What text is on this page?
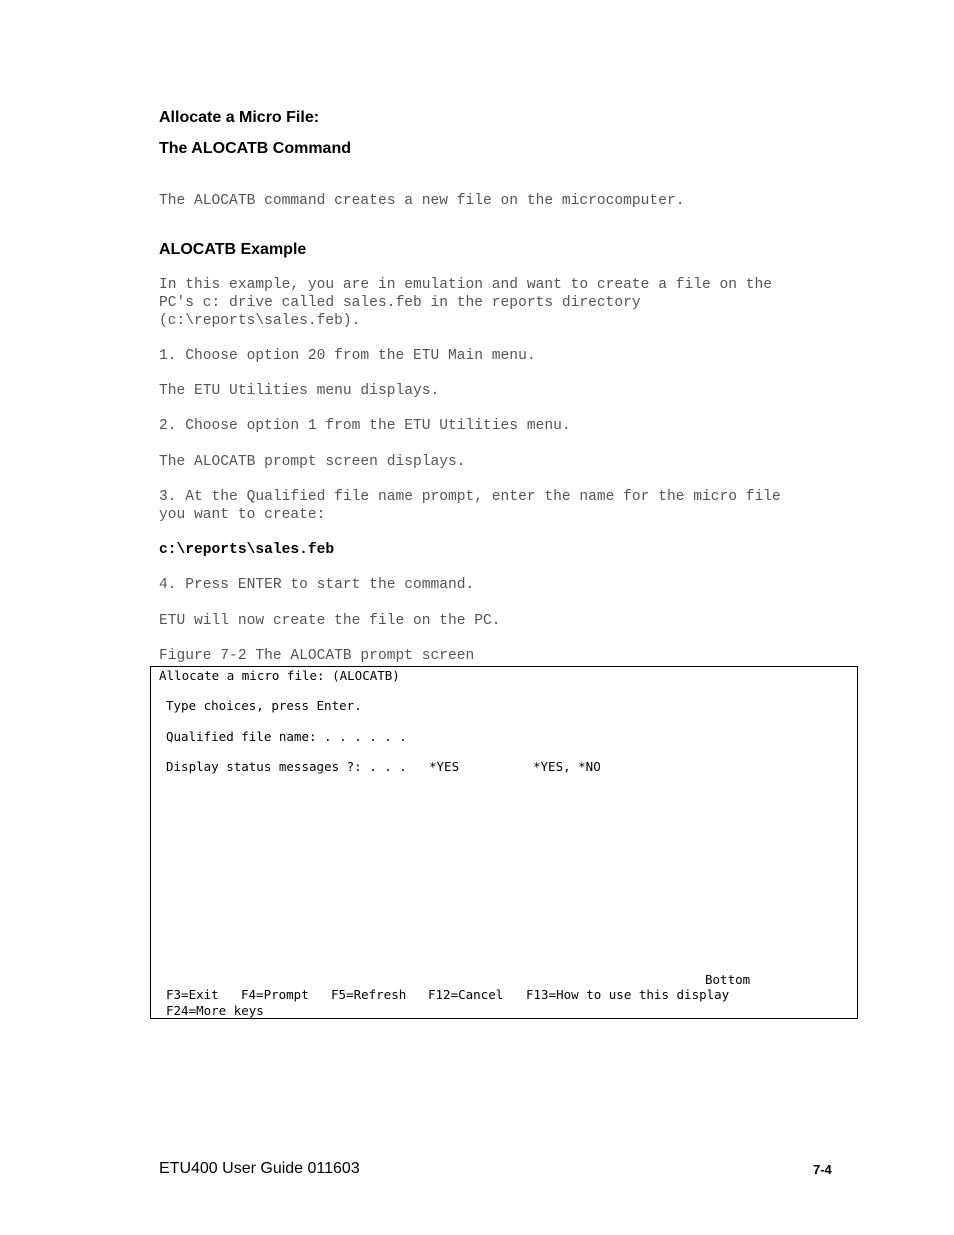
Allocate a Micro File:
The ALOCATB Command
The ALOCATB command creates a new file on the microcomputer.
ALOCATB Example
In this example, you are in emulation and want to create a file on the
PC's c: drive called sales.feb in the reports directory
(c:\reports\sales.feb).
1. Choose option 20 from the ETU Main menu.
The ETU Utilities menu displays.
2. Choose option 1 from the ETU Utilities menu.
The ALOCATB prompt screen displays.
3. At the Qualified file name prompt, enter the name for the micro file
you want to create:
c:\reports\sales.feb
4. Press ENTER to start the command.
ETU will now create the file on the PC.
Figure 7-2 The ALOCATB prompt screen
Allocate a micro file: (ALOCATB)
Type choices, press Enter.
Qualified file name: . . . . . .
Display status messages ?: . . . *YES	*YES, *NO
Bottom
F3=Exit F4=Prompt F5=Refresh F12=Cancel F13=How to use this display
F24=More keys
ETU400 User Guide 011603	7-4
